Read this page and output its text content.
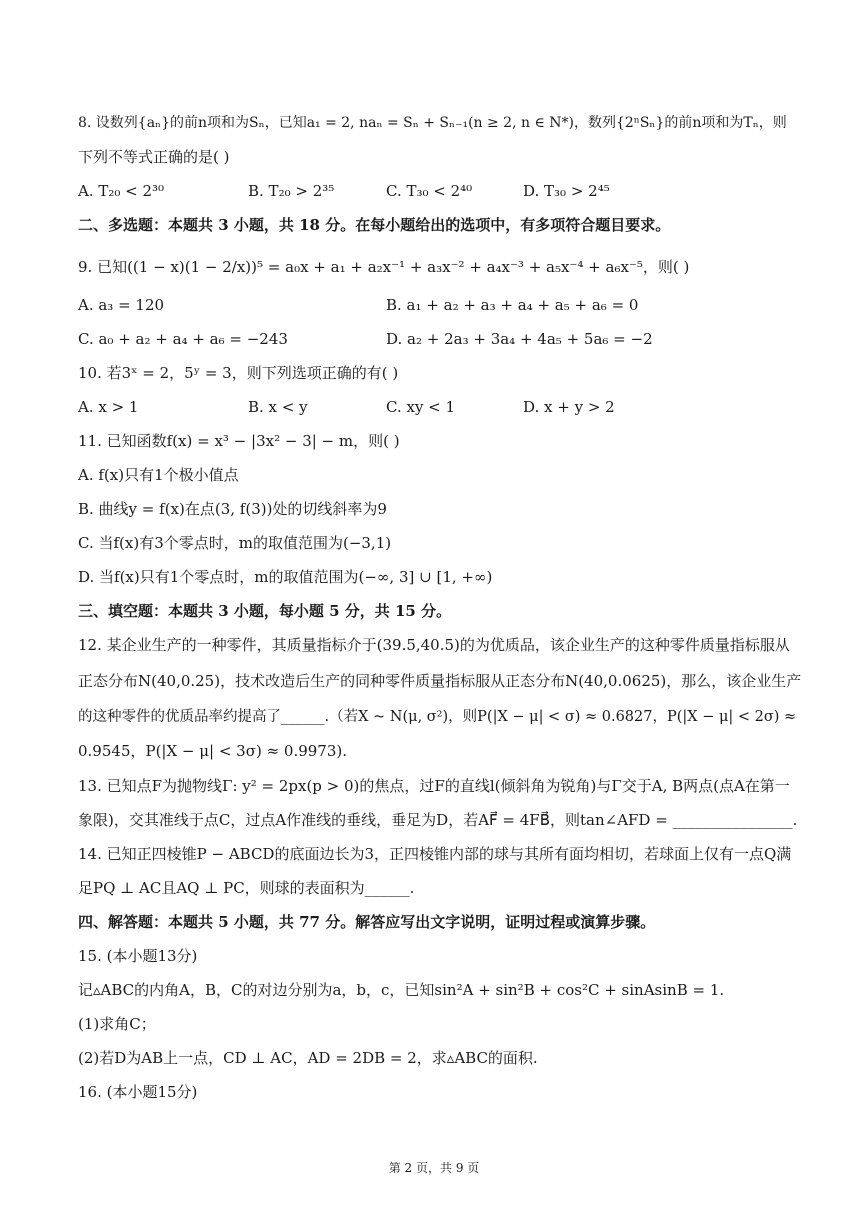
8. 设数列{aₙ}的前n项和为Sₙ，已知a₁ = 2, naₙ = Sₙ + Sₙ₋₁(n ≥ 2, n ∈ N*)，数列{2ⁿSₙ}的前n项和为Tₙ，则
下列不等式正确的是( )
A. T₂₀ < 2³⁰	B. T₂₀ > 2³⁵	C. T₃₀ < 2⁴⁰	D. T₃₀ > 2⁴⁵
二、多选题：本题共 3 小题，共 18 分。在每小题给出的选项中，有多项符合题目要求。
9. 已知((1 − x)(1 − 2/x))⁵ = a₀x + a₁ + a₂x⁻¹ + a₃x⁻² + a₄x⁻³ + a₅x⁻⁴ + a₆x⁻⁵，则( )
A. a₃ = 120	B. a₁ + a₂ + a₃ + a₄ + a₅ + a₆ = 0
C. a₀ + a₂ + a₄ + a₆ = −243	D. a₂ + 2a₃ + 3a₄ + 4a₅ + 5a₆ = −2
10. 若3ˣ = 2，5ʸ = 3，则下列选项正确的有( )
A. x > 1	B. x < y	C. xy < 1	D. x + y > 2
11. 已知函数f(x) = x³ − |3x² − 3| − m，则( )
A. f(x)只有1个极小值点
B. 曲线y = f(x)在点(3, f(3))处的切线斜率为9
C. 当f(x)有3个零点时，m的取值范围为(−3,1)
D. 当f(x)只有1个零点时，m的取值范围为(−∞, 3] ∪ [1, +∞)
三、填空题：本题共 3 小题，每小题 5 分，共 15 分。
12. 某企业生产的一种零件，其质量指标介于(39.5,40.5)的为优质品，该企业生产的这种零件质量指标服从
正态分布N(40,0.25)，技术改造后生产的同种零件质量指标服从正态分布N(40,0.0625)，那么，该企业生产
的这种零件的优质品率约提高了______.（若X ~ N(μ, σ²)，则P(|X − μ| < σ) ≈ 0.6827，P(|X − μ| < 2σ) ≈
0.9545，P(|X − μ| < 3σ) ≈ 0.9973).
13. 已知点F为抛物线Γ: y² = 2px(p > 0)的焦点，过F的直线l(倾斜角为锐角)与Γ交于A, B两点(点A在第一
象限)，交其准线于点C，过点A作准线的垂线，垂足为D，若AF⃗ = 4FB⃗，则tan∠AFD = ________________.
14. 已知正四棱锥P − ABCD的底面边长为3，正四棱锥内部的球与其所有面均相切，若球面上仅有一点Q满
足PQ ⊥ AC且AQ ⊥ PC，则球的表面积为______.
四、解答题：本题共 5 小题，共 77 分。解答应写出文字说明，证明过程或演算步骤。
15. (本小题13分)
记▵ABC的内角A，B，C的对边分别为a，b，c，已知sin²A + sin²B + cos²C + sinAsinB = 1.
(1)求角C；
(2)若D为AB上一点，CD ⊥ AC，AD = 2DB = 2，求▵ABC的面积.
16. (本小题15分)
第 2 页，共 9 页
